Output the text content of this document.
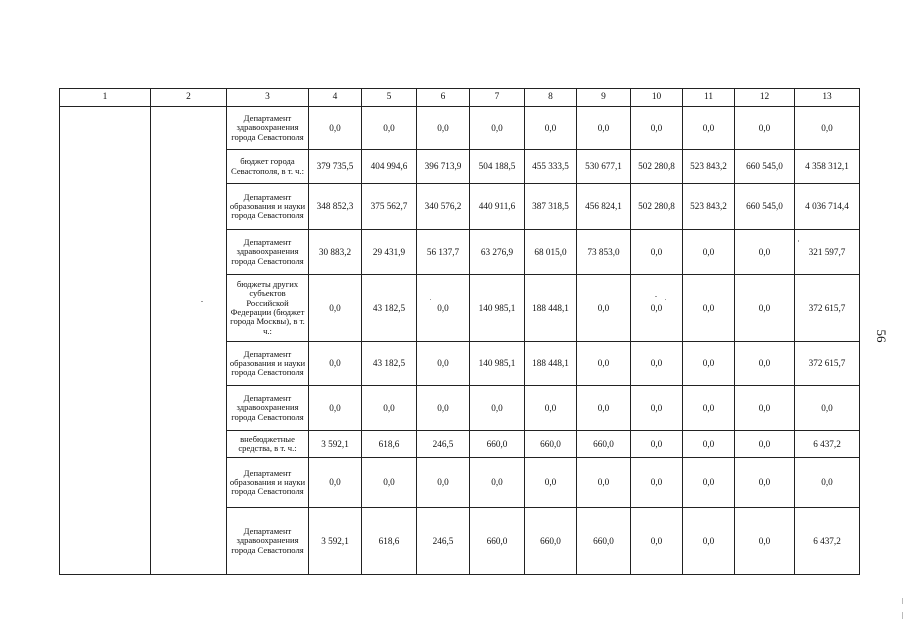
1	2	3	4	5	6	7	8	9	10	11	12	13
		Департамент здравоохранения города Севастополя	0,0	0,0	0,0	0,0	0,0	0,0	0,0	0,0	0,0	0,0
		бюджет города Севастополя, в т. ч.:	379 735,5	404 994,6	396 713,9	504 188,5	455 333,5	530 677,1	502 280,8	523 843,2	660 545,0	4 358 312,1
		Департамент образования и науки города Севастополя	348 852,3	375 562,7	340 576,2	440 911,6	387 318,5	456 824,1	502 280,8	523 843,2	660 545,0	4 036 714,4
		Департамент здравоохранения города Севастополя	30 883,2	29 431,9	56 137,7	63 276,9	68 015,0	73 853,0	0,0	0,0	0,0	321 597,7
		бюджеты других субъектов Российской Федерации (бюджет города Москвы), в т. ч.:	0,0	43 182,5	0,0	140 985,1	188 448,1	0,0	0,0	0,0	0,0	372 615,7
		Департамент образования и науки города Севастополя	0,0	43 182,5	0,0	140 985,1	188 448,1	0,0	0,0	0,0	0,0	372 615,7
		Департамент здравоохранения города Севастополя	0,0	0,0	0,0	0,0	0,0	0,0	0,0	0,0	0,0	0,0
		внебюджетные средства, в т. ч.:	3 592,1	618,6	246,5	660,0	660,0	660,0	0,0	0,0	0,0	6 437,2
		Департамент образования и науки города Севастополя	0,0	0,0	0,0	0,0	0,0	0,0	0,0	0,0	0,0	0,0
		Департамент здравоохранения города Севастополя	3 592,1	618,6	246,5	660,0	660,0	660,0	0,0	0,0	0,0	6 437,2
56
